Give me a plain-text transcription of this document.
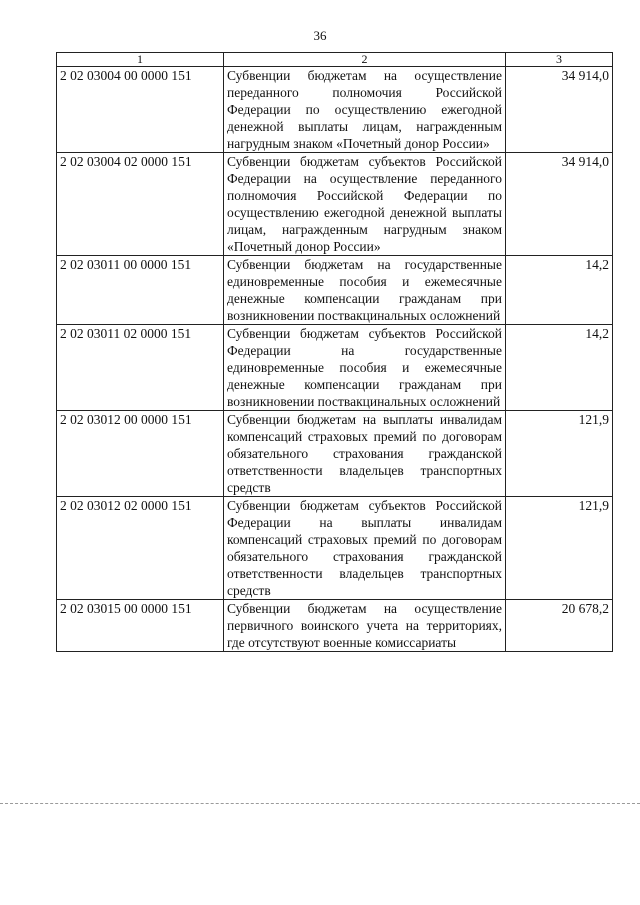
36
1	2	3
2 02 03004 00 0000 151	Субвенции бюджетам на осуществление переданного полномочия Российской Федерации по осуществлению ежегодной денежной выплаты лицам, награжденным нагрудным знаком «Почетный донор России»	34 914,0
2 02 03004 02 0000 151	Субвенции бюджетам субъектов Российской Федерации на осуществление переданного полномочия Российской Федерации по осуществлению ежегодной денежной выплаты лицам, награжденным нагрудным знаком «Почетный донор России»	34 914,0
2 02 03011 00 0000 151	Субвенции бюджетам на государственные единовременные пособия и ежемесячные денежные компенсации гражданам при возникновении поствакцинальных осложнений	14,2
2 02 03011 02 0000 151	Субвенции бюджетам субъектов Российской Федерации на государственные единовременные пособия и ежемесячные денежные компенсации гражданам при возникновении поствакцинальных осложнений	14,2
2 02 03012 00 0000 151	Субвенции бюджетам на выплаты инвалидам компенсаций страховых премий по договорам обязательного страхования гражданской ответственности владельцев транспортных средств	121,9
2 02 03012 02 0000 151	Субвенции бюджетам субъектов Российской Федерации на выплаты инвалидам компенсаций страховых премий по договорам обязательного страхования гражданской ответственности владельцев транспортных средств	121,9
2 02 03015 00 0000 151	Субвенции бюджетам на осуществление первичного воинского учета на территориях, где отсутствуют военные комиссариаты	20 678,2
